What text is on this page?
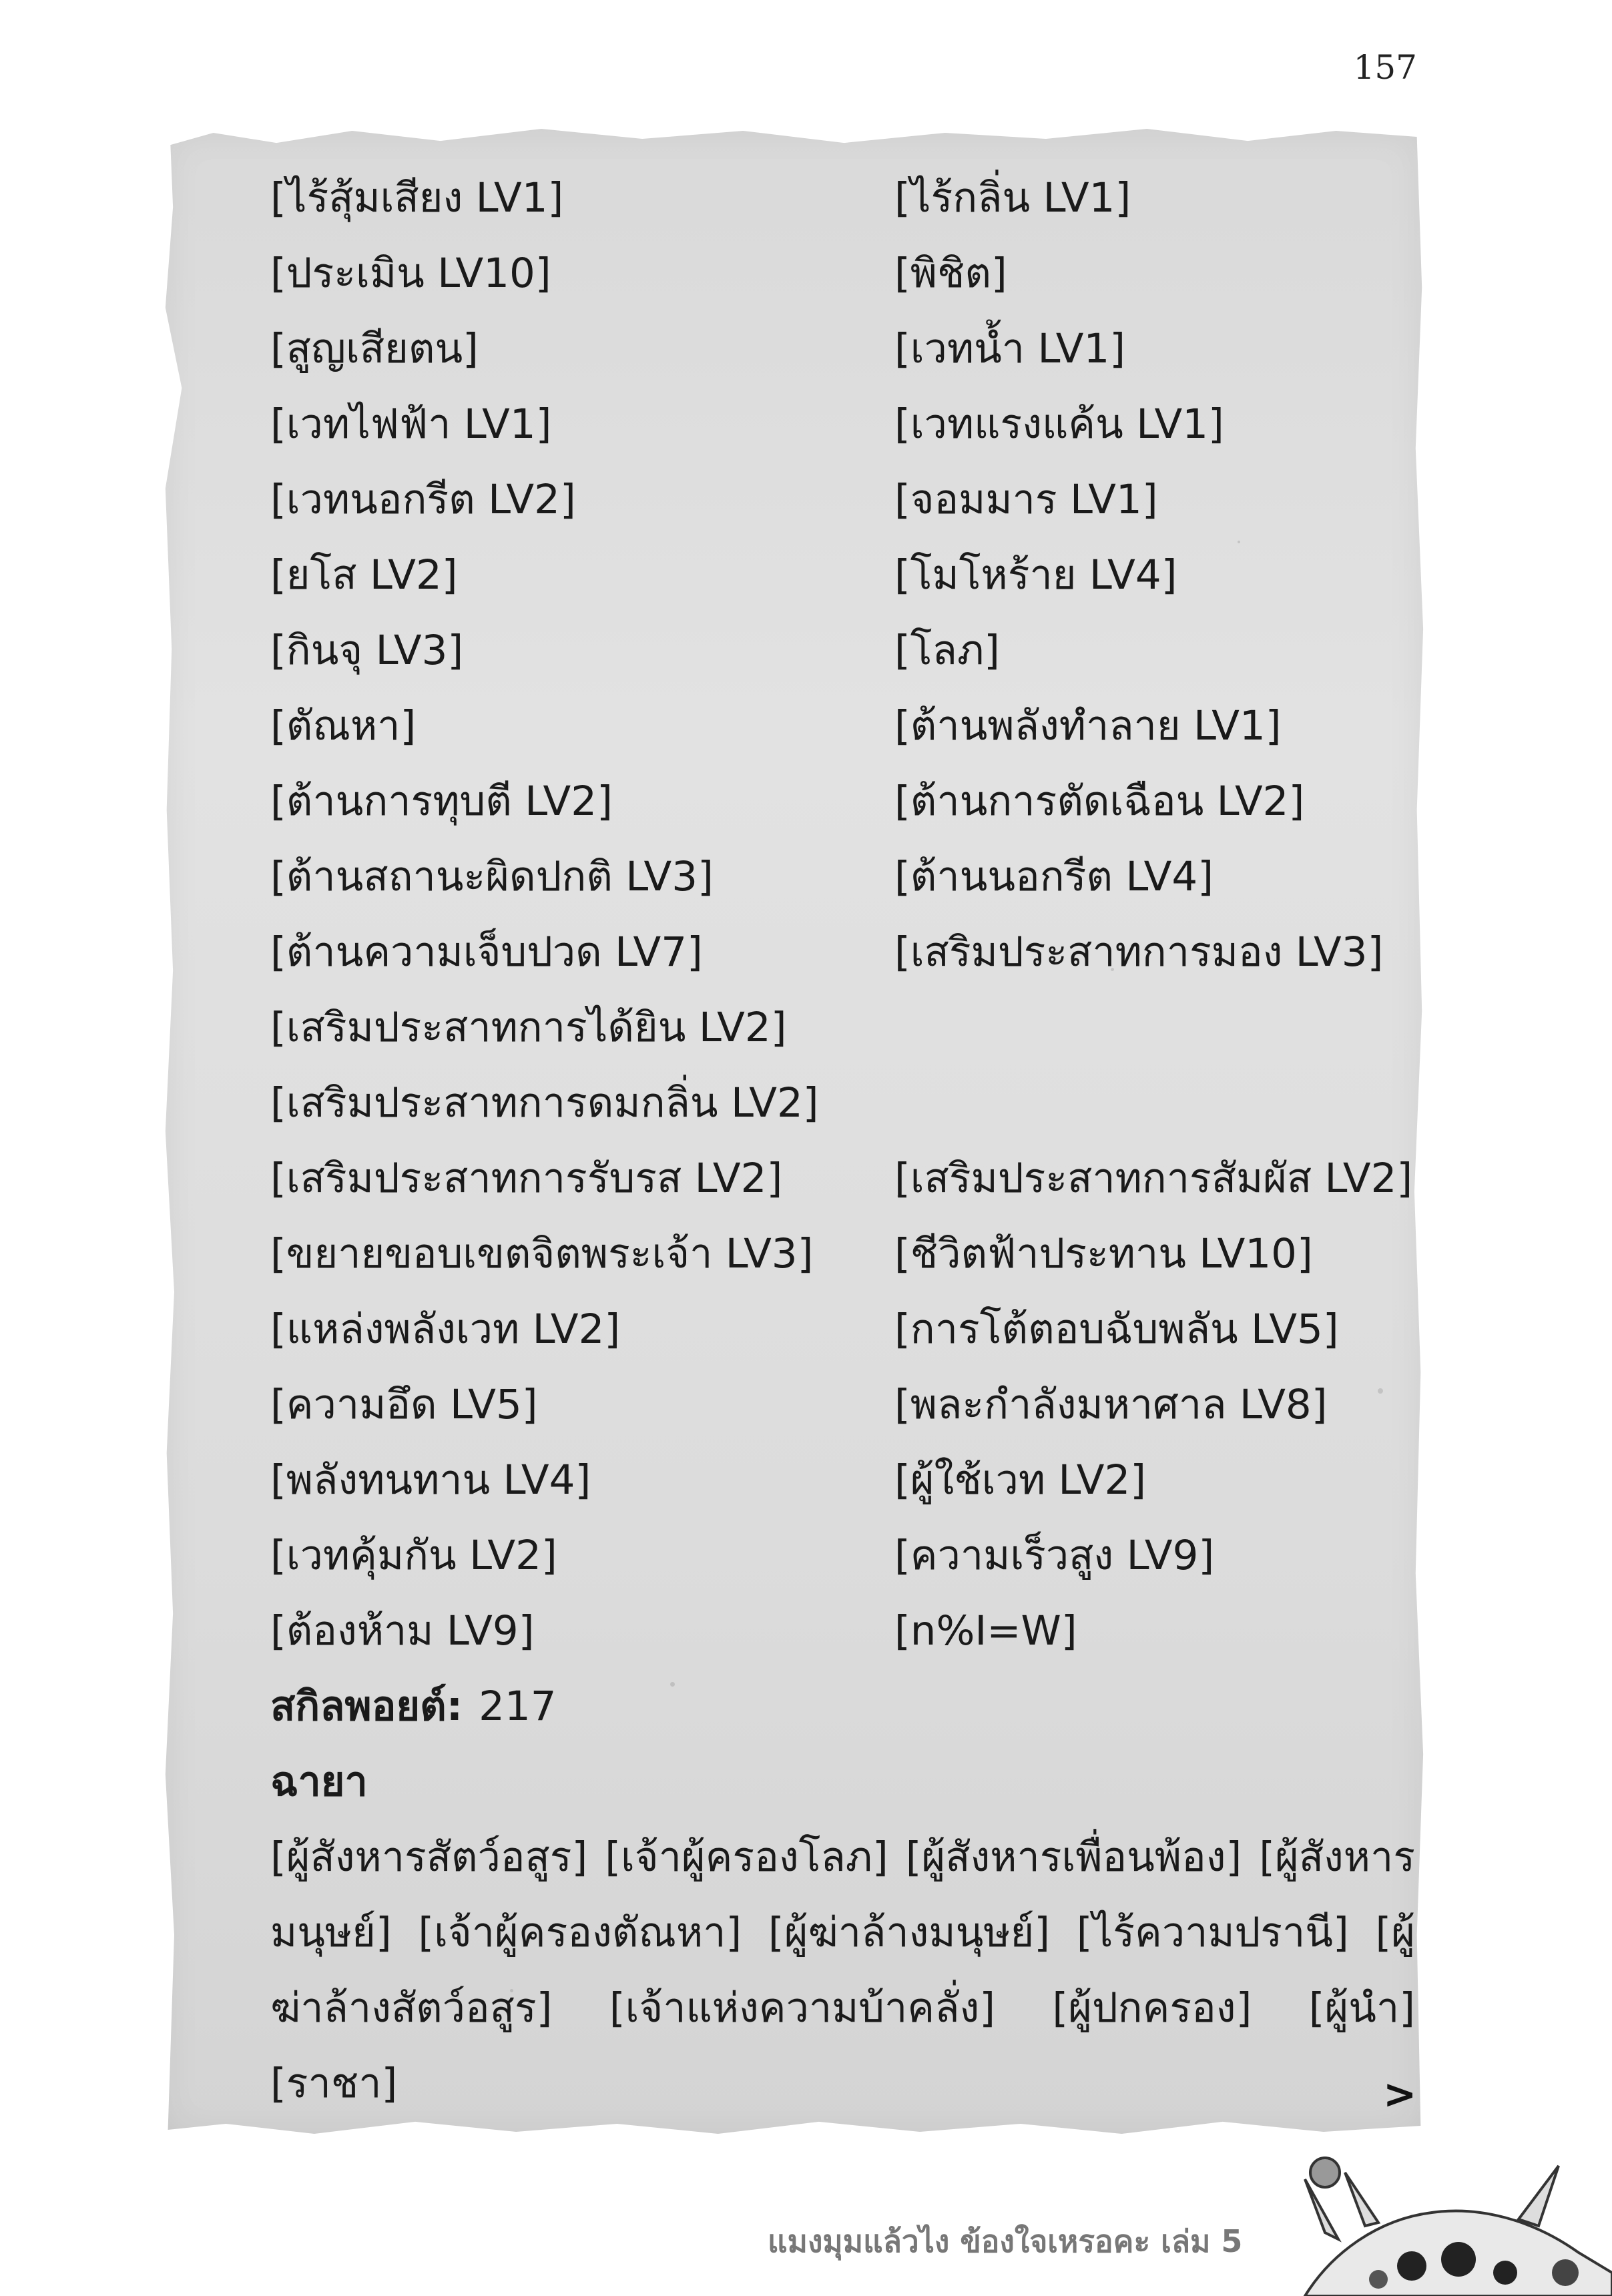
157
[ไร้สุ้มเสียง LV1]	[ไร้กลิ่น LV1]
[ประเมิน LV10]	[พิชิต]
[สูญเสียตน]	[เวทน้ำ LV1]
[เวทไฟฟ้า LV1]	[เวทแรงแค้น LV1]
[เวทนอกรีต LV2]	[จอมมาร LV1]
[ยโส LV2]	[โมโหร้าย LV4]
[กินจุ LV3]	[โลภ]
[ตัณหา]	[ต้านพลังทำลาย LV1]
[ต้านการทุบตี LV2]	[ต้านการตัดเฉือน LV2]
[ต้านสถานะผิดปกติ LV3]	[ต้านนอกรีต LV4]
[ต้านความเจ็บปวด LV7]	[เสริมประสาทการมอง LV3]
[เสริมประสาทการได้ยิน LV2]
[เสริมประสาทการดมกลิ่น LV2]
[เสริมประสาทการรับรส LV2]	[เสริมประสาทการสัมผัส LV2]
[ขยายขอบเขตจิตพระเจ้า LV3]	[ชีวิตฟ้าประทาน LV10]
[แหล่งพลังเวท LV2]	[การโต้ตอบฉับพลัน LV5]
[ความอึด LV5]	[พละกำลังมหาศาล LV8]
[พลังทนทาน LV4]	[ผู้ใช้เวท LV2]
[เวทคุ้มกัน LV2]	[ความเร็วสูง LV9]
[ต้องห้าม LV9]	[n%I=W]
สกิลพอยต์: 217
ฉายา
[ผู้สังหารสัตว์อสูร] [เจ้าผู้ครองโลภ] [ผู้สังหารเพื่อนพ้อง] [ผู้สังหารมนุษย์] [เจ้าผู้ครองตัณหา] [ผู้ฆ่าล้างมนุษย์] [ไร้ความปรานี] [ผู้ฆ่าล้างสัตว์อสูร] [เจ้าแห่งความบ้าคลั่ง] [ผู้ปกครอง] [ผู้นำ] [ราชา]	>
แมงมุมแล้วไง ข้องใจเหรอคะ เล่ม 5
